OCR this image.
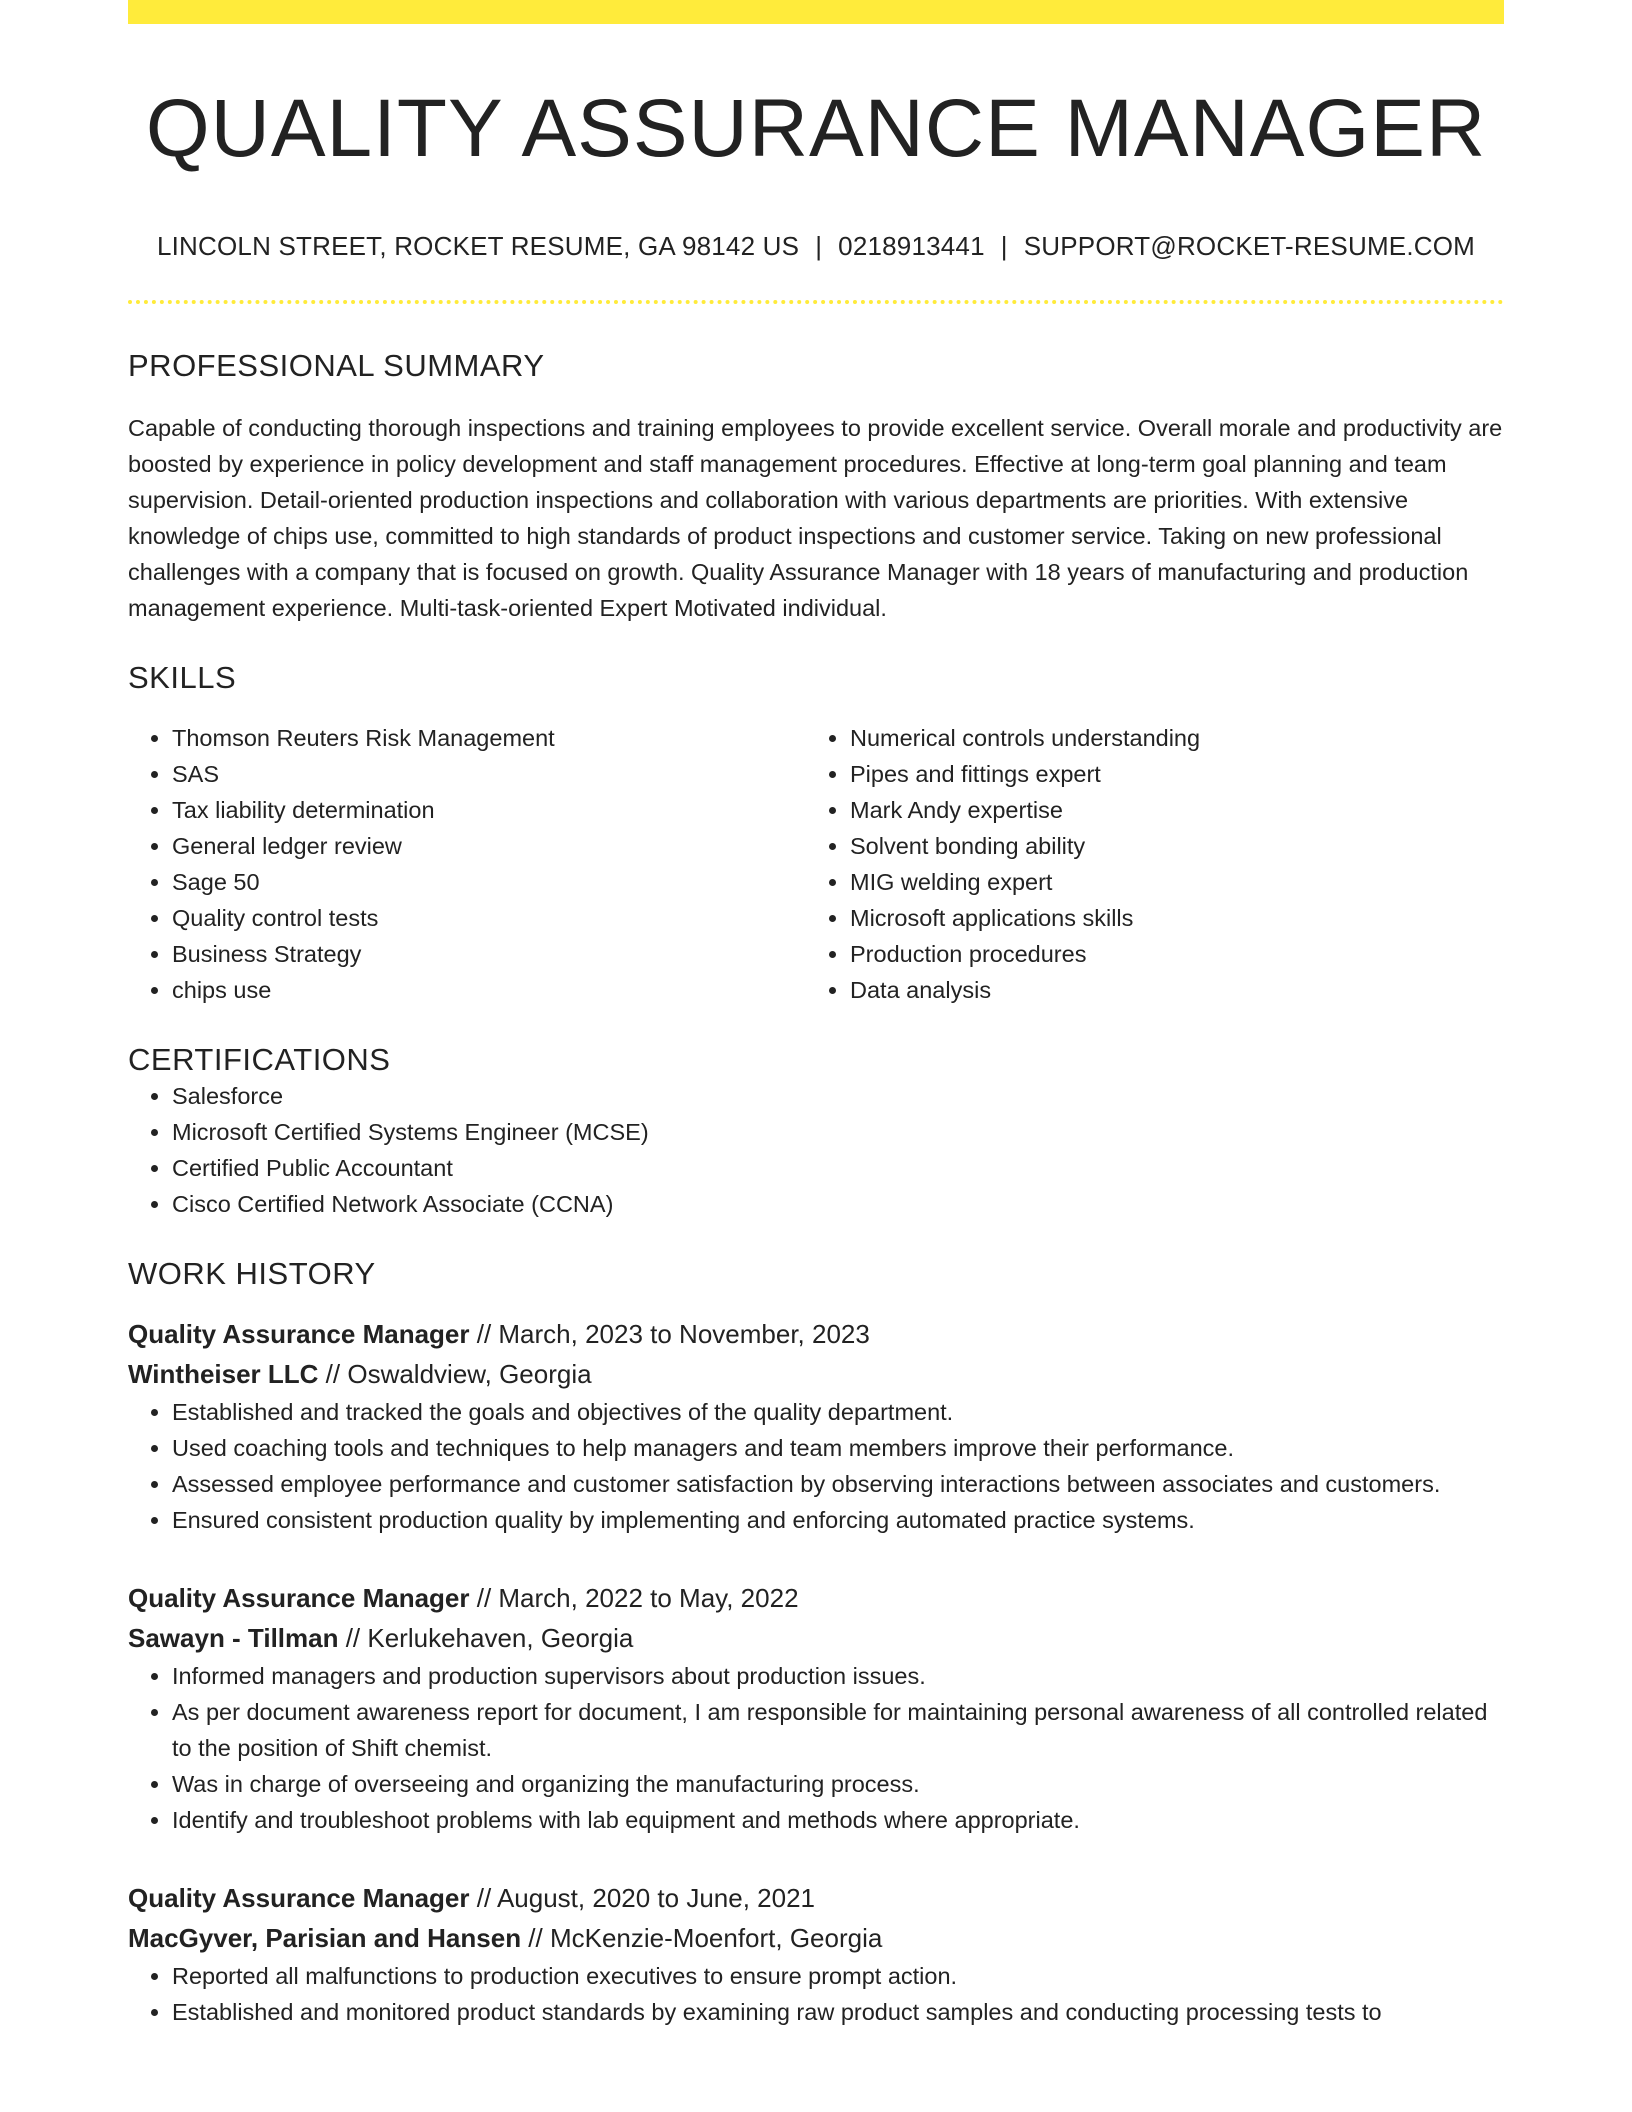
QUALITY ASSURANCE MANAGER
LINCOLN STREET, ROCKET RESUME, GA 98142 US | 0218913441 | SUPPORT@ROCKET-RESUME.COM
PROFESSIONAL SUMMARY

Capable of conducting thorough inspections and training employees to provide excellent service. Overall morale and productivity are boosted by experience in policy development and staff management procedures. Effective at long-term goal planning and team supervision. Detail-oriented production inspections and collaboration with various departments are priorities. With extensive knowledge of chips use, committed to high standards of product inspections and customer service. Taking on new professional challenges with a company that is focused on growth. Quality Assurance Manager with 18 years of manufacturing and production management experience. Multi-task-oriented Expert Motivated individual.

SKILLS
• Thomson Reuters Risk Management
• SAS
• Tax liability determination
• General ledger review
• Sage 50
• Quality control tests
• Business Strategy
• chips use
• Numerical controls understanding
• Pipes and fittings expert
• Mark Andy expertise
• Solvent bonding ability
• MIG welding expert
• Microsoft applications skills
• Production procedures
• Data analysis
CERTIFICATIONS
• Salesforce
• Microsoft Certified Systems Engineer (MCSE)
• Certified Public Accountant
• Cisco Certified Network Associate (CCNA)
WORK HISTORY
Quality Assurance Manager // March, 2023 to November, 2023
Wintheiser LLC // Oswaldview, Georgia
• Established and tracked the goals and objectives of the quality department.
• Used coaching tools and techniques to help managers and team members improve their performance.
• Assessed employee performance and customer satisfaction by observing interactions between associates and customers.
• Ensured consistent production quality by implementing and enforcing automated practice systems.
Quality Assurance Manager // March, 2022 to May, 2022
Sawayn - Tillman // Kerlukehaven, Georgia
• Informed managers and production supervisors about production issues.
• As per document awareness report for document, I am responsible for maintaining personal awareness of all controlled related to the position of Shift chemist.
• Was in charge of overseeing and organizing the manufacturing process.
• Identify and troubleshoot problems with lab equipment and methods where appropriate.
Quality Assurance Manager // August, 2020 to June, 2021
MacGyver, Parisian and Hansen // McKenzie-Moenfort, Georgia
• Reported all malfunctions to production executives to ensure prompt action.
• Established and monitored product standards by examining raw product samples and conducting processing tests to
